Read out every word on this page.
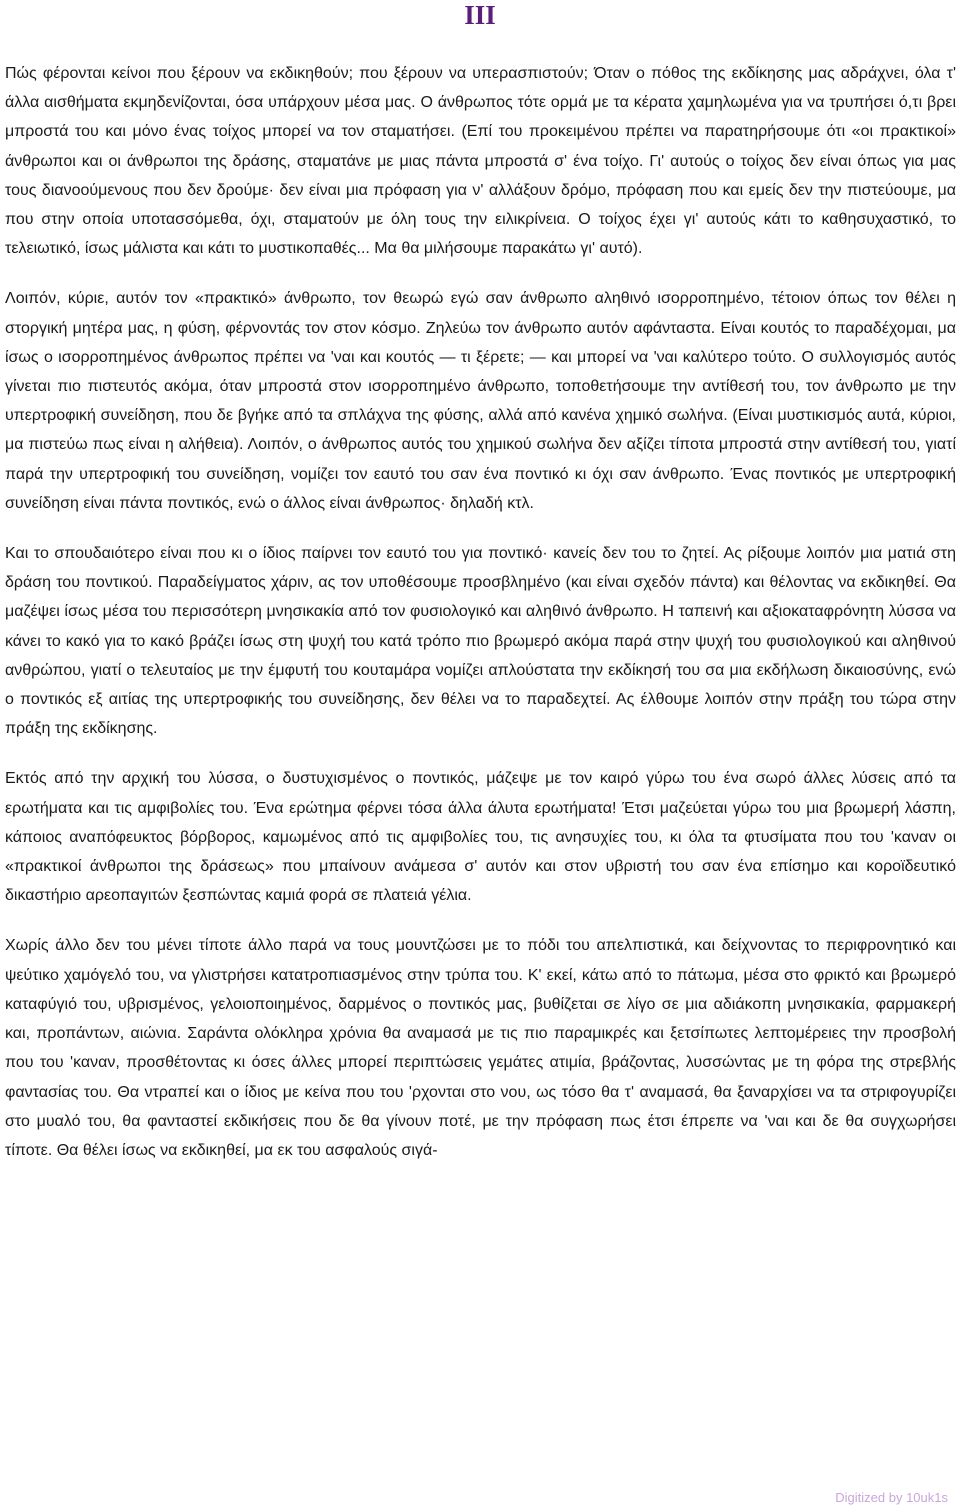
III

Πώς φέρονται κείνοι που ξέρουν να εκδικηθούν; που ξέρουν να υπερασπιστούν; Όταν ο πόθος της εκδίκησης μας αδράχνει, όλα τ' άλλα αισθήματα εκμηδενίζονται, όσα υπάρχουν μέσα μας. Ο άνθρωπος τότε ορμά με τα κέρατα χαμηλωμένα για να τρυπήσει ό,τι βρει μπροστά του και μόνο ένας τοίχος μπορεί να τον σταματήσει. (Επί του προκειμένου πρέπει να παρατηρήσουμε ότι «οι πρακτικοί» άνθρωποι και οι άνθρωποι της δράσης, σταματάνε με μιας πάντα μπροστά σ' ένα τοίχο. Γι' αυτούς ο τοίχος δεν είναι όπως για μας τους διανοούμενους που δεν δρούμε· δεν είναι μια πρόφαση για ν' αλλάξουν δρόμο, πρόφαση που και εμείς δεν την πιστεύουμε, μα που στην οποία υποτασσόμεθα, όχι, σταματούν με όλη τους την ειλικρίνεια. Ο τοίχος έχει γι' αυτούς κάτι το καθησυχαστικό, το τελειωτικό, ίσως μάλιστα και κάτι το μυστικοπαθές... Μα θα μιλήσουμε παρακάτω γι' αυτό).

Λοιπόν, κύριε, αυτόν τον «πρακτικό» άνθρωπο, τον θεωρώ εγώ σαν άνθρωπο αληθινό ισορροπημένο, τέτοιον όπως τον θέλει η στοργική μητέρα μας, η φύση, φέρνοντάς τον στον κόσμο. Ζηλεύω τον άνθρωπο αυτόν αφάνταστα. Είναι κουτός το παραδέχομαι, μα ίσως ο ισορροπημένος άνθρωπος πρέπει να 'ναι και κουτός — τι ξέρετε; — και μπορεί να 'ναι καλύτερο τούτο. Ο συλλογισμός αυτός γίνεται πιο πιστευτός ακόμα, όταν μπροστά στον ισορροπημένο άνθρωπο, τοποθετήσουμε την αντίθεσή του, τον άνθρωπο με την υπερτροφική συνείδηση, που δε βγήκε από τα σπλάχνα της φύσης, αλλά από κανένα χημικό σωλήνα. (Είναι μυστικισμός αυτά, κύριοι, μα πιστεύω πως είναι η αλήθεια). Λοιπόν, ο άνθρωπος αυτός του χημικού σωλήνα δεν αξίζει τίποτα μπροστά στην αντίθεσή του, γιατί παρά την υπερτροφική του συνείδηση, νομίζει τον εαυτό του σαν ένα ποντικό κι όχι σαν άνθρωπο. Ένας ποντικός με υπερτροφική συνείδηση είναι πάντα ποντικός, ενώ ο άλλος είναι άνθρωπος· δηλαδή κτλ.

Και το σπουδαιότερο είναι που κι ο ίδιος παίρνει τον εαυτό του για ποντικό· κανείς δεν του το ζητεί. Ας ρίξουμε λοιπόν μια ματιά στη δράση του ποντικού. Παραδείγματος χάριν, ας τον υποθέσουμε προσβλημένο (και είναι σχεδόν πάντα) και θέλοντας να εκδικηθεί. Θα μαζέψει ίσως μέσα του περισσότερη μνησικακία από τον φυσιολογικό και αληθινό άνθρωπο. Η ταπεινή και αξιοκαταφρόνητη λύσσα να κάνει το κακό για το κακό βράζει ίσως στη ψυχή του κατά τρόπο πιο βρωμερό ακόμα παρά στην ψυχή του φυσιολογικού και αληθινού ανθρώπου, γιατί ο τελευταίος με την έμφυτή του κουταμάρα νομίζει απλούστατα την εκδίκησή του σα μια εκδήλωση δικαιοσύνης, ενώ ο ποντικός εξ αιτίας της υπερτροφικής του συνείδησης, δεν θέλει να το παραδεχτεί. Ας έλθουμε λοιπόν στην πράξη του τώρα στην πράξη της εκδίκησης.

Εκτός από την αρχική του λύσσα, ο δυστυχισμένος ο ποντικός, μάζεψε με τον καιρό γύρω του ένα σωρό άλλες λύσεις από τα ερωτήματα και τις αμφιβολίες του. Ένα ερώτημα φέρνει τόσα άλλα άλυτα ερωτήματα! Έτσι μαζεύεται γύρω του μια βρωμερή λάσπη, κάποιος αναπόφευκτος βόρβορος, καμωμένος από τις αμφιβολίες του, τις ανησυχίες του, κι όλα τα φτυσίματα που του 'καναν οι «πρακτικοί άνθρωποι της δράσεως» που μπαίνουν ανάμεσα σ' αυτόν και στον υβριστή του σαν ένα επίσημο και κοροϊδευτικό δικαστήριο αρεοπαγιτών ξεσπώντας καμιά φορά σε πλατειά γέλια.

Χωρίς άλλο δεν του μένει τίποτε άλλο παρά να τους μουντζώσει με το πόδι του απελπιστικά, και δείχνοντας το περιφρονητικό και ψεύτικο χαμόγελό του, να γλιστρήσει κατατροπιασμένος στην τρύπα του. Κ' εκεί, κάτω από το πάτωμα, μέσα στο φρικτό και βρωμερό καταφύγιό του, υβρισμένος, γελοιοποιημένος, δαρμένος ο ποντικός μας, βυθίζεται σε λίγο σε μια αδιάκοπη μνησικακία, φαρμακερή και, προπάντων, αιώνια. Σαράντα ολόκληρα χρόνια θα αναμασά με τις πιο παραμικρές και ξετσίπωτες λεπτομέρειες την προσβολή που του 'καναν, προσθέτοντας κι όσες άλλες μπορεί περιπτώσεις γεμάτες ατιμία, βράζοντας, λυσσώντας με τη φόρα της στρεβλής φαντασίας του. Θα ντραπεί και ο ίδιος με κείνα που του 'ρχονται στο νου, ως τόσο θα τ' αναμασά, θα ξαναρχίσει να τα στριφογυρίζει στο μυαλό του, θα φανταστεί εκδικήσεις που δε θα γίνουν ποτέ, με την πρόφαση πως έτσι έπρεπε να 'ναι και δε θα συγχωρήσει τίποτε. Θα θέλει ίσως να εκδικηθεί, μα εκ του ασφαλούς σιγά-

Digitized by 10uk1s
